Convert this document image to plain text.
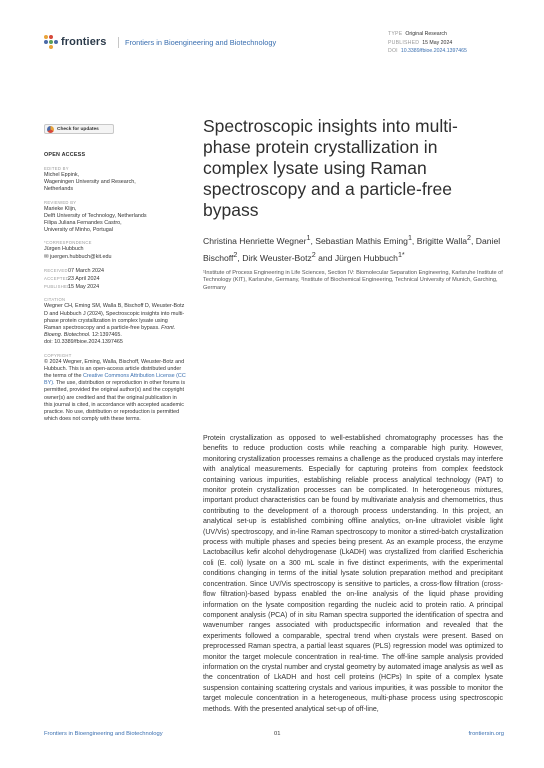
frontiers	Frontiers in Bioengineering and Biotechnology
TYPE Original Research
PUBLISHED 15 May 2024
DOI 10.3389/fbioe.2024.1397465
Check for updates
OPEN ACCESS
EDITED BY
Michel Eppink,
Wageningen University and Research,
Netherlands
REVIEWED BY
Marieke Klijn,
Delft University of Technology, Netherlands
Filipa Juliana Fernandes Castro,
University of Minho, Portugal
*CORRESPONDENCE
Jürgen Hubbuch
✉ juergen.hubbuch@kit.edu
RECEIVED07 March 2024
ACCEPTED23 April 2024
PUBLISHED15 May 2024
CITATION
Wegner CH, Eming SM, Walla B, Bischoff D, Weuster-Botz D and Hubbuch J (2024), Spectroscopic insights into multi-phase protein crystallization in complex lysate using Raman spectroscopy and a particle-free bypass. Front. Bioeng. Biotechnol. 12:1397465.
doi: 10.3389/fbioe.2024.1397465
COPYRIGHT
© 2024 Wegner, Eming, Walla, Bischoff, Weuster-Botz and Hubbuch. This is an open-access article distributed under the terms of the Creative Commons Attribution License (CC BY). The use, distribution or reproduction in other forums is permitted, provided the original author(s) and the copyright owner(s) are credited and that the original publication in this journal is cited, in accordance with accepted academic practice. No use, distribution or reproduction is permitted which does not comply with these terms.
Spectroscopic insights into multi-phase protein crystallization in complex lysate using Raman spectroscopy and a particle-free bypass
Christina Henriette Wegner$^1$, Sebastian Mathis Eming$^1$, Brigitte Walla$^2$, Daniel Bischoff$^2$, Dirk Weuster-Botz$^2$ and Jürgen Hubbuch$^{1*}$
¹Institute of Process Engineering in Life Sciences, Section IV: Biomolecular Separation Engineering, Karlsruhe Institute of Technology (KIT), Karlsruhe, Germany, ²Institute of Biochemical Engineering, Technical University of Munich, Garching, Germany
Protein crystallization as opposed to well-established chromatography processes has the benefits to reduce production costs while reaching a comparable high purity. However, monitoring crystallization processes remains a challenge as the produced crystals may interfere with analytical measurements. Especially for capturing proteins from complex feedstock containing various impurities, establishing reliable process analytical technology (PAT) to monitor protein crystallization processes can be complicated. In heterogeneous mixtures, important product characteristics can be found by multivariate analysis and chemometrics, thus contributing to the development of a thorough process understanding. In this project, an analytical set-up is established combining offline analytics, on-line ultraviolet visible light (UV/Vis) spectroscopy, and in-line Raman spectroscopy to monitor a stirred-batch crystallization process with multiple phases and species being present. As an example process, the enzyme Lactobacillus kefir alcohol dehydrogenase (LkADH) was crystallized from clarified Escherichia coli (E. coli) lysate on a 300 mL scale in five distinct experiments, with the experimental conditions changing in terms of the initial lysate solution preparation method and precipitant concentration. Since UV/Vis spectroscopy is sensitive to particles, a cross-flow filtration (cross-flow filtration)-based bypass enabled the on-line analysis of the liquid phase providing information on the lysate composition regarding the nucleic acid to protein ratio. A principal component analysis (PCA) of in situ Raman spectra supported the identification of spectra and wavenumber ranges associated with productspecific information and revealed that the experiments followed a comparable, spectral trend when crystals were present. Based on preprocessed Raman spectra, a partial least squares (PLS) regression model was optimized to monitor the target molecule concentration in real-time. The off-line sample analysis provided information on the crystal number and crystal geometry by automated image analysis as well as the concentration of LkADH and host cell proteins (HCPs) In spite of a complex lysate suspension containing scattering crystals and various impurities, it was possible to monitor the target molecule concentration in a heterogeneous, multi-phase process using spectroscopic methods. With the presented analytical set-up of off-line,
Frontiers in Bioengineering and Biotechnology	01	frontiersin.org
